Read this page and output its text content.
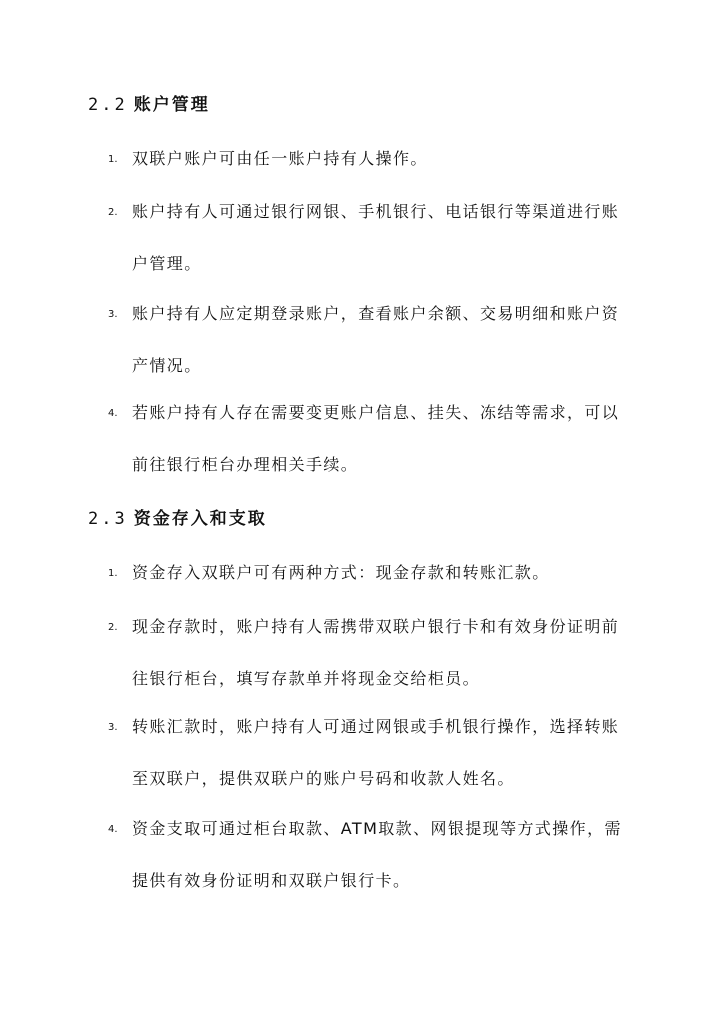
2.2 账户管理
1. 双联户账户可由任一账户持有人操作。
2. 账户持有人可通过银行网银、手机银行、电话银行等渠道进行账户管理。
3. 账户持有人应定期登录账户，查看账户余额、交易明细和账户资产情况。
4. 若账户持有人存在需要变更账户信息、挂失、冻结等需求，可以前往银行柜台办理相关手续。
2.3 资金存入和支取
1. 资金存入双联户可有两种方式：现金存款和转账汇款。
2. 现金存款时，账户持有人需携带双联户银行卡和有效身份证明前往银行柜台，填写存款单并将现金交给柜员。
3. 转账汇款时，账户持有人可通过网银或手机银行操作，选择转账至双联户，提供双联户的账户号码和收款人姓名。
4. 资金支取可通过柜台取款、ATM取款、网银提现等方式操作，需提供有效身份证明和双联户银行卡。
